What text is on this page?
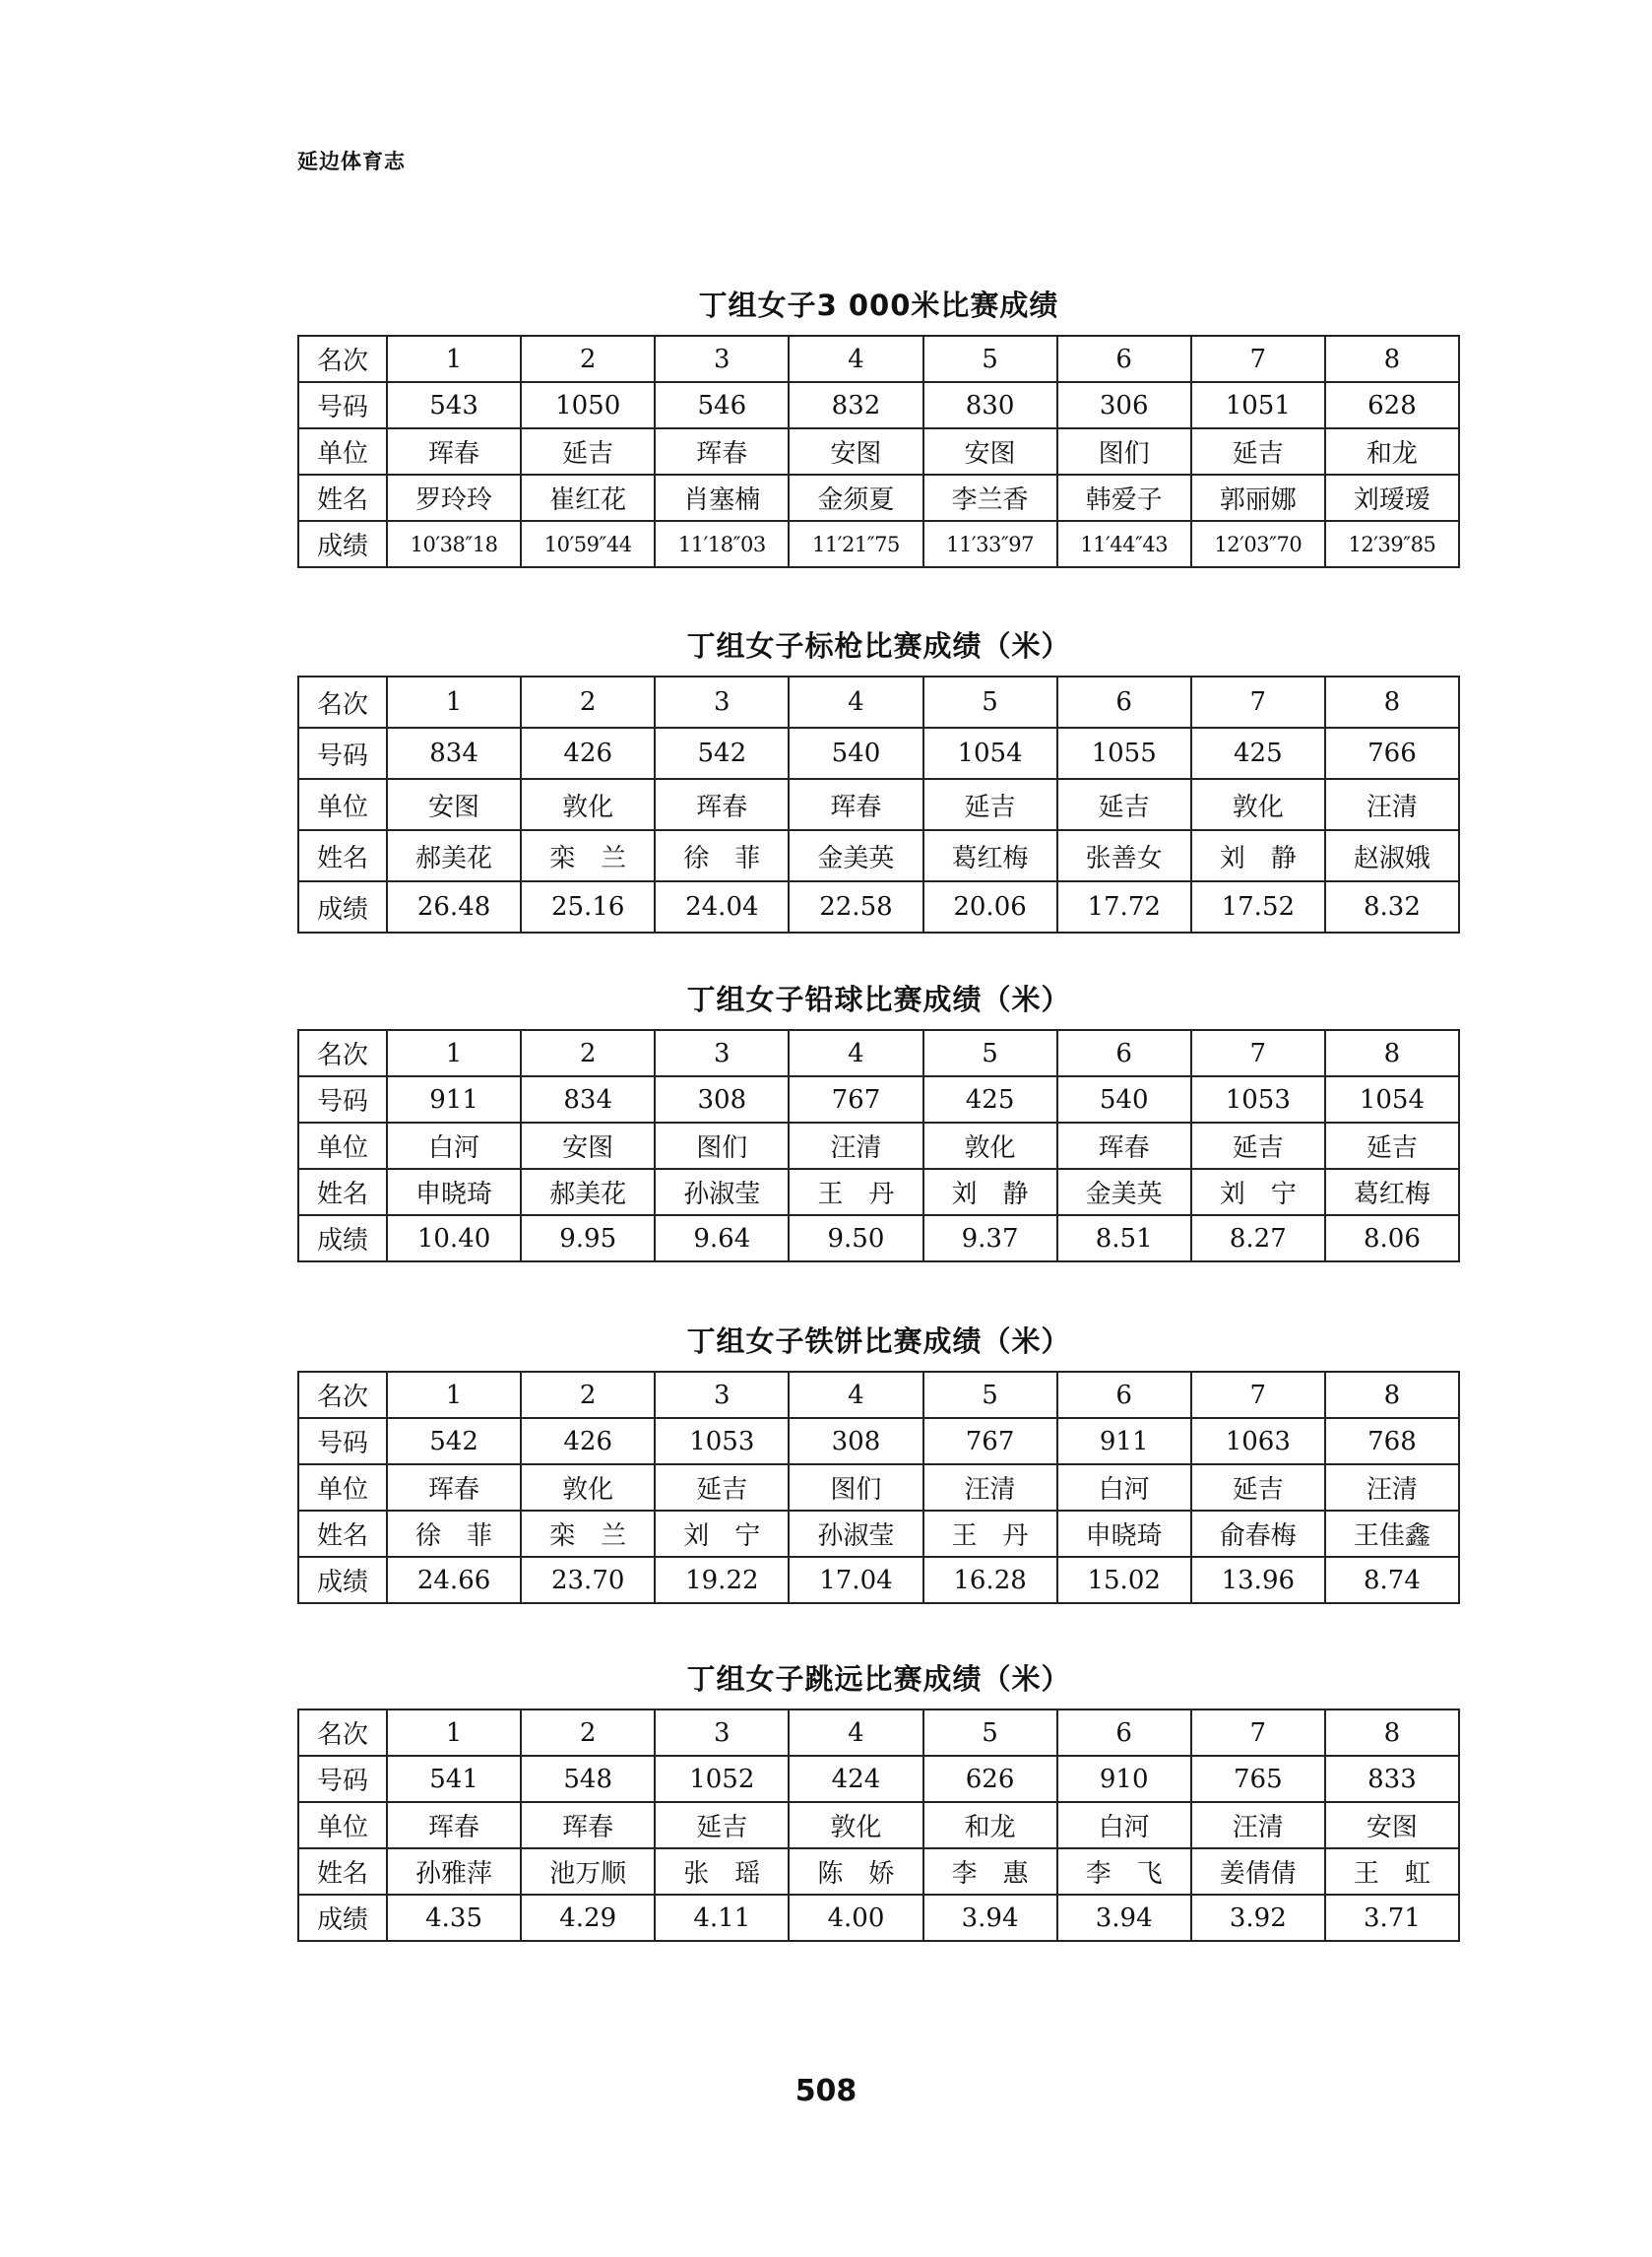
延边体育志
丁组女子3 000米比赛成绩
名次	1	2	3	4	5	6	7	8
号码	543	1050	546	832	830	306	1051	628
单位	珲春	延吉	珲春	安图	安图	图们	延吉	和龙
姓名	罗玲玲	崔红花	肖塞楠	金须夏	李兰香	韩爱子	郭丽娜	刘瑷瑷
成绩	10′38″18	10′59″44	11′18″03	11′21″75	11′33″97	11′44″43	12′03″70	12′39″85
丁组女子标枪比赛成绩（米）
名次	1	2	3	4	5	6	7	8
号码	834	426	542	540	1054	1055	425	766
单位	安图	敦化	珲春	珲春	延吉	延吉	敦化	汪清
姓名	郝美花	栾　兰	徐　菲	金美英	葛红梅	张善女	刘　静	赵淑娥
成绩	26.48	25.16	24.04	22.58	20.06	17.72	17.52	8.32
丁组女子铅球比赛成绩（米）
名次	1	2	3	4	5	6	7	8
号码	911	834	308	767	425	540	1053	1054
单位	白河	安图	图们	汪清	敦化	珲春	延吉	延吉
姓名	申晓琦	郝美花	孙淑莹	王　丹	刘　静	金美英	刘　宁	葛红梅
成绩	10.40	9.95	9.64	9.50	9.37	8.51	8.27	8.06
丁组女子铁饼比赛成绩（米）
名次	1	2	3	4	5	6	7	8
号码	542	426	1053	308	767	911	1063	768
单位	珲春	敦化	延吉	图们	汪清	白河	延吉	汪清
姓名	徐　菲	栾　兰	刘　宁	孙淑莹	王　丹	申晓琦	俞春梅	王佳鑫
成绩	24.66	23.70	19.22	17.04	16.28	15.02	13.96	8.74
丁组女子跳远比赛成绩（米）
名次	1	2	3	4	5	6	7	8
号码	541	548	1052	424	626	910	765	833
单位	珲春	珲春	延吉	敦化	和龙	白河	汪清	安图
姓名	孙雅萍	池万顺	张　瑶	陈　娇	李　惠	李　飞	姜倩倩	王　虹
成绩	4.35	4.29	4.11	4.00	3.94	3.94	3.92	3.71
508
